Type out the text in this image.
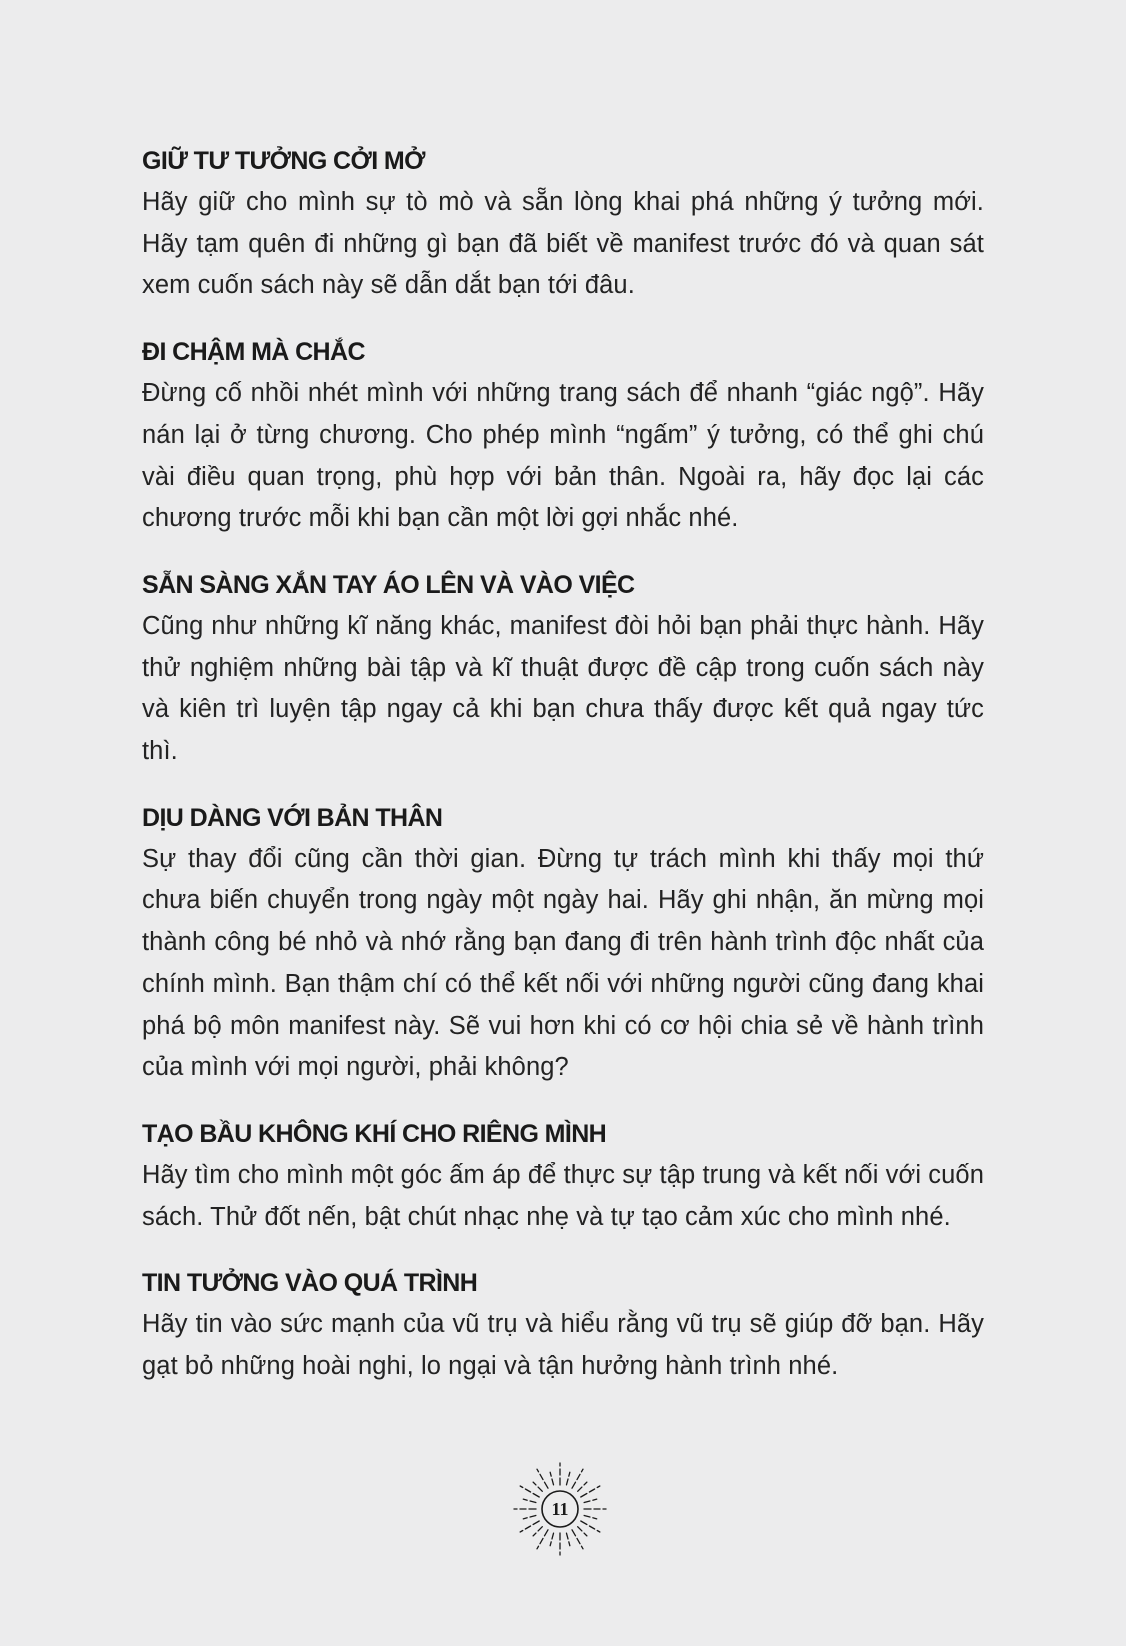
GIỮ TƯ TƯỞNG CỞI MỞ

Hãy giữ cho mình sự tò mò và sẵn lòng khai phá những ý tưởng mới. Hãy tạm quên đi những gì bạn đã biết về manifest trước đó và quan sát xem cuốn sách này sẽ dẫn dắt bạn tới đâu.

ĐI CHẬM MÀ CHẮC

Đừng cố nhồi nhét mình với những trang sách để nhanh “giác ngộ”. Hãy nán lại ở từng chương. Cho phép mình “ngấm” ý tưởng, có thể ghi chú vài điều quan trọng, phù hợp với bản thân. Ngoài ra, hãy đọc lại các chương trước mỗi khi bạn cần một lời gợi nhắc nhé.

SẴN SÀNG XẮN TAY ÁO LÊN VÀ VÀO VIỆC

Cũng như những kĩ năng khác, manifest đòi hỏi bạn phải thực hành. Hãy thử nghiệm những bài tập và kĩ thuật được đề cập trong cuốn sách này và kiên trì luyện tập ngay cả khi bạn chưa thấy được kết quả ngay tức thì.

DỊU DÀNG VỚI BẢN THÂN

Sự thay đổi cũng cần thời gian. Đừng tự trách mình khi thấy mọi thứ chưa biến chuyển trong ngày một ngày hai. Hãy ghi nhận, ăn mừng mọi thành công bé nhỏ và nhớ rằng bạn đang đi trên hành trình độc nhất của chính mình. Bạn thậm chí có thể kết nối với những người cũng đang khai phá bộ môn manifest này. Sẽ vui hơn khi có cơ hội chia sẻ về hành trình của mình với mọi người, phải không?

TẠO BẦU KHÔNG KHÍ CHO RIÊNG MÌNH

Hãy tìm cho mình một góc ấm áp để thực sự tập trung và kết nối với cuốn sách. Thử đốt nến, bật chút nhạc nhẹ và tự tạo cảm xúc cho mình nhé.

TIN TƯỞNG VÀO QUÁ TRÌNH

Hãy tin vào sức mạnh của vũ trụ và hiểu rằng vũ trụ sẽ giúp đỡ bạn. Hãy gạt bỏ những hoài nghi, lo ngại và tận hưởng hành trình nhé.

11
